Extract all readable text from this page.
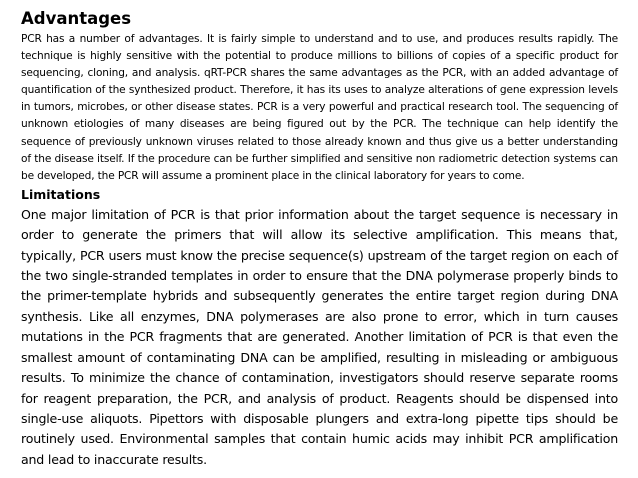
Advantages

PCR has a number of advantages. It is fairly simple to understand and to use, and produces results rapidly. The technique is highly sensitive with the potential to produce millions to billions of copies of a specific product for sequencing, cloning, and analysis. qRT-PCR shares the same advantages as the PCR, with an added advantage of quantification of the synthesized product. Therefore, it has its uses to analyze alterations of gene expression levels in tumors, microbes, or other disease states. PCR is a very powerful and practical research tool. The sequencing of unknown etiologies of many diseases are being figured out by the PCR. The technique can help identify the sequence of previously unknown viruses related to those already known and thus give us a better understanding of the disease itself. If the procedure can be further simplified and sensitive non radiometric detection systems can be developed, the PCR will assume a prominent place in the clinical laboratory for years to come.

Limitations

One major limitation of PCR is that prior information about the target sequence is necessary in order to generate the primers that will allow its selective amplification. This means that, typically, PCR users must know the precise sequence(s) upstream of the target region on each of the two single-stranded templates in order to ensure that the DNA polymerase properly binds to the primer-template hybrids and subsequently generates the entire target region during DNA synthesis. Like all enzymes, DNA polymerases are also prone to error, which in turn causes mutations in the PCR fragments that are generated. Another limitation of PCR is that even the smallest amount of contaminating DNA can be amplified, resulting in misleading or ambiguous results. To minimize the chance of contamination, investigators should reserve separate rooms for reagent preparation, the PCR, and analysis of product. Reagents should be dispensed into single-use aliquots. Pipettors with disposable plungers and extra-long pipette tips should be routinely used. Environmental samples that contain humic acids may inhibit PCR amplification and lead to inaccurate results.
